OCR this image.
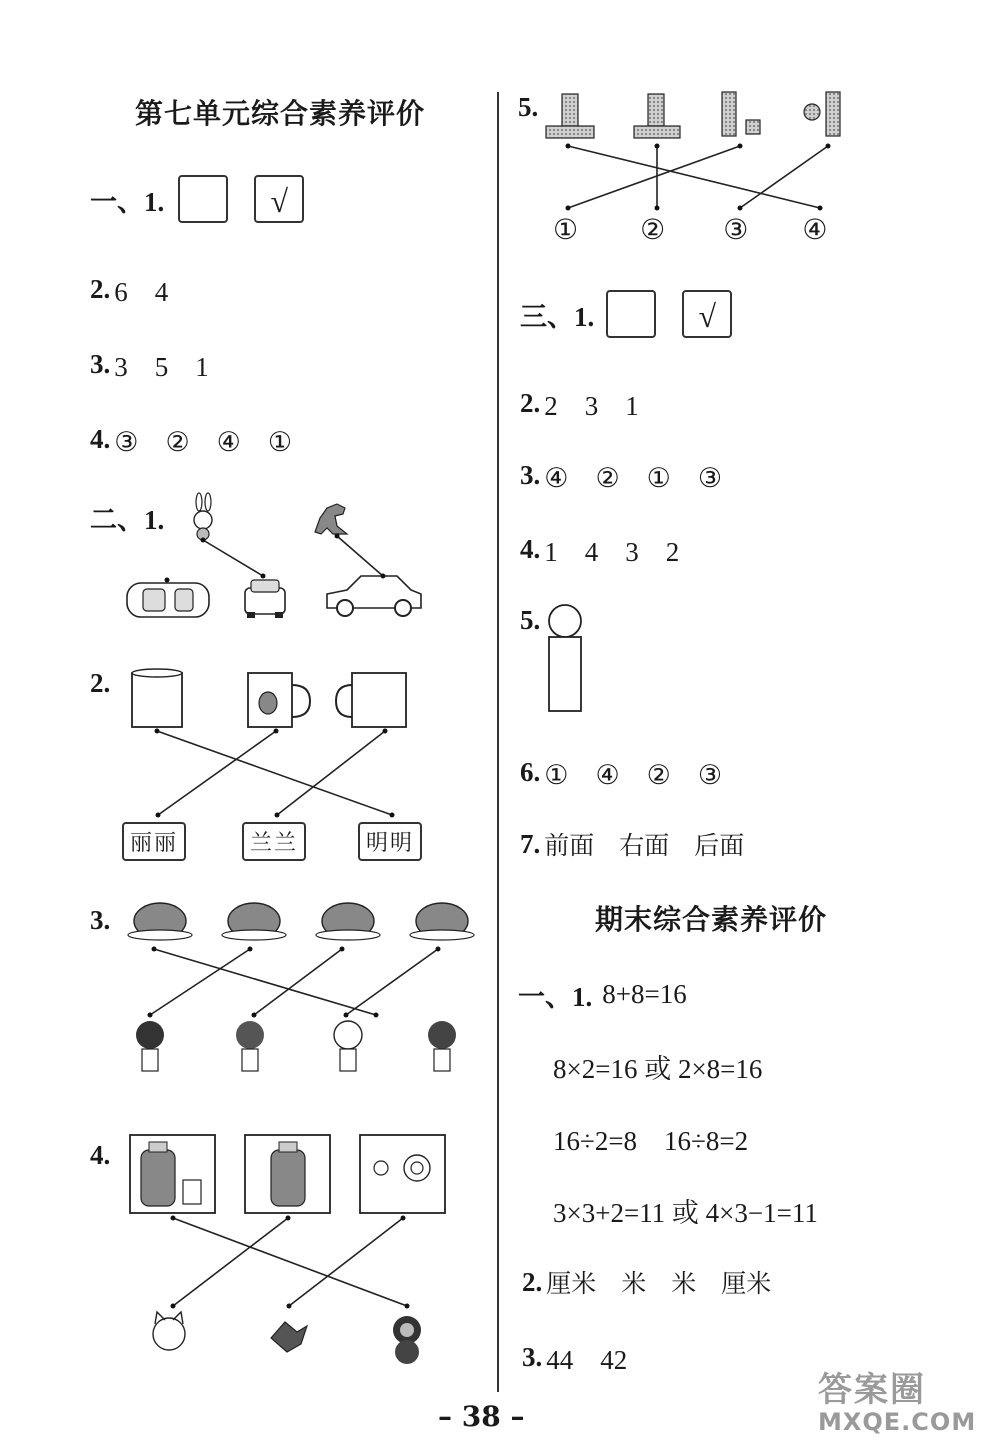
第七单元综合素养评价
一、1.	√
2. 6　4
3. 3　5　1
4. ③　②　④　①
二、1.
2.
丽丽	兰兰	明明
3.
4.
5.
① ② ③ ④
三、1.	√
2. 2　3　1
3. ④　②　①　③
4. 1　4　3　2
5.
6. ①　④　②　③
7. 前面　右面　后面
期末综合素养评价
一、1. 8+8=16
8×2=16 或 2×8=16
16÷2=8　16÷8=2
3×3+2=11 或 4×3−1=11
2. 厘米　米　米　厘米
3. 44　42
– 38 –
答案圈
MXQE.COM
